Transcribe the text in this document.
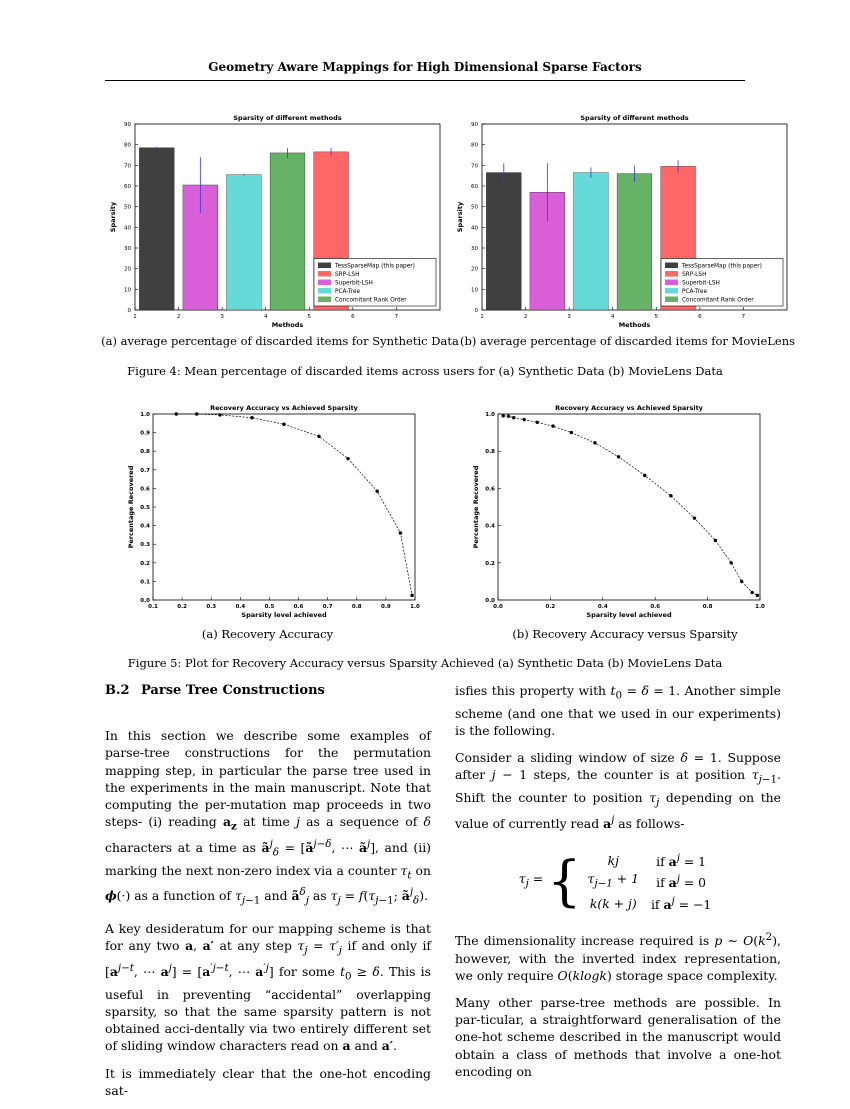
Geometry Aware Mappings for High Dimensional Sparse Factors
Sparsity of different methods
Methods
Sparsity
0
10
20
30
40
50
60
70
80
90
1	2	3	4	5	6	7
TessSparseMap (this paper)
SRP-LSH
Superbit-LSH
PCA-Tree
Concomitant Rank Order
Sparsity of different methods
Methods
Sparsity
0
10
20
30
40
50
60
70
80
90
1	2	3	4	5	6	7
TessSparseMap (this paper)
SRP-LSH
Superbit-LSH
PCA-Tree
Concomitant Rank Order
(a) average percentage of discarded items for Synthetic Data (b) average percentage of discarded items for MovieLens
Figure 4: Mean percentage of discarded items across users for (a) Synthetic Data (b) MovieLens Data
Recovery Accuracy vs Achieved Sparsity
Sparsity level achieved
Percentage Recovered
0.0
0.1
0.2
0.3
0.4
0.5
0.6
0.7
0.8
0.9
1.0
0.1	0.2	0.3	0.4	0.5	0.6	0.7	0.8	0.9	1.0
Recovery Accuracy vs Achieved Sparsity
Sparsity level achieved
Percentage Recovered
0.0
0.2
0.4
0.6
0.8
1.0
0.0	0.2	0.4	0.6	0.8	1.0
(a) Recovery Accuracy	(b) Recovery Accuracy versus Sparsity
Figure 5: Plot for Recovery Accuracy versus Sparsity Achieved (a) Synthetic Data (b) MovieLens Data
B.2 Parse Tree Constructions

In this section we describe some examples of parse-tree constructions for the permutation mapping step, in particular the parse tree used in the experiments in the main manuscript. Note that computing the per-mutation map proceeds in two steps- (i) reading $a_z$ at time j as a sequence of δ characters at a time as $ã^j_\delta$ = [$ã^{j-\delta}$, ⋯ $ã^j$], and (ii) marking the next non-zero index via a counter $\tau_t$ on ϕ(·) as a function of $\tau_{j-1}$ and $ã^\delta_j$ as $\tau_j = f(\tau_{j-1}$; $ã^j_\delta$).

A key desideratum for our mapping scheme is that for any two a, a′ at any step $\tau_j = \tau'_j$ if and only if [$a^{j-t}$, ⋯ $a^j] = [a^{'j-t}$, ⋯ $a^{'j}$] for some $t_0 \ge \delta$. This is useful in preventing “accidental” overlapping sparsity, so that the same sparsity pattern is not obtained acci-dentally via two entirely different set of sliding window characters read on a and a′.

It is immediately clear that the one-hot encoding sat-

isfies this property with $t_0 = \delta = 1$. Another simple scheme (and one that we used in our experiments) is the following.

Consider a sliding window of size δ = 1. Suppose after j − 1 steps, the counter is at position $\tau_{j-1}$. Shift the counter to position $\tau_j$ depending on the value of currently read $a^j$ as follows-

$\tau_j$ ={ kj	if $a^j = 1$
$\tau_{j-1} + 1$	if $a^j = 0$
k(k + j)	if $a^j = -1$

The dimensionality increase required is p ∼ $O(k^2)$, however, with the inverted index representation, we only require O(klogk) storage space complexity.

Many other parse-tree methods are possible. In par-ticular, a straightforward generalisation of the one-hot scheme described in the manuscript would obtain a class of methods that involve a one-hot encoding on
